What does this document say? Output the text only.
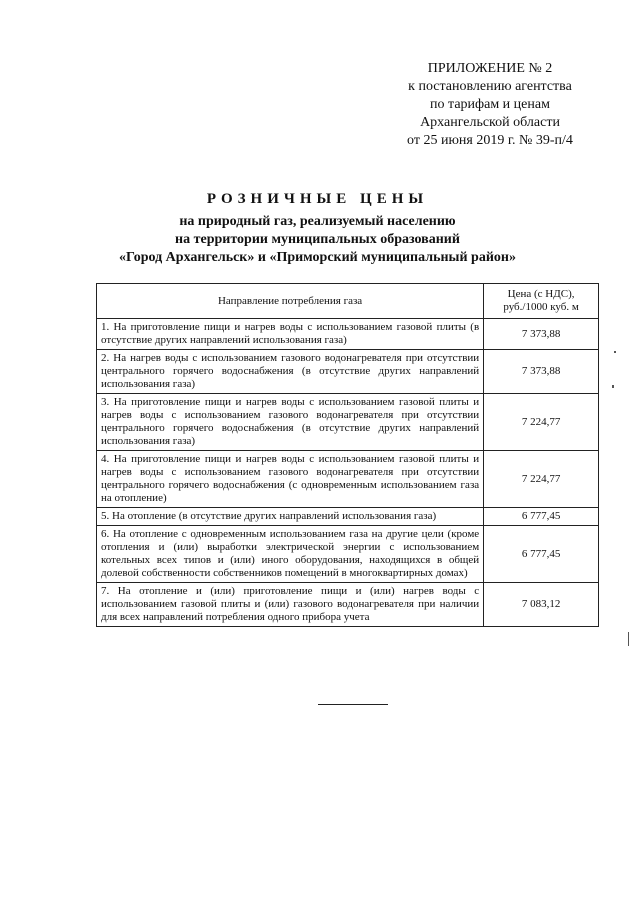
ПРИЛОЖЕНИЕ № 2
к постановлению агентства
по тарифам и ценам
Архангельской области
от 25 июня 2019 г. № 39-п/4
РОЗНИЧНЫЕ ЦЕНЫ
на природный газ, реализуемый населению
на территории муниципальных образований
«Город Архангельск» и «Приморский муниципальный район»
Направление потребления газа	Цена (с НДС), руб./1000 куб. м
1. На приготовление пищи и нагрев воды с использованием газовой плиты (в отсутствие других направлений использования газа)	7 373,88
2. На нагрев воды с использованием газового водонагревателя при отсутствии центрального горячего водоснабжения (в отсутствие других направлений использования газа)	7 373,88
3. На приготовление пищи и нагрев воды с использованием газовой плиты и нагрев воды с использованием газового водонагревателя при отсутствии центрального горячего водоснабжения (в отсутствие других направлений использования газа)	7 224,77
4. На приготовление пищи и нагрев воды с использованием газовой плиты и нагрев воды с использованием газового водонагревателя при отсутствии центрального горячего водоснабжения (с одновременным использованием газа на отопление)	7 224,77
5. На отопление (в отсутствие других направлений использования газа)	6 777,45
6. На отопление с одновременным использованием газа на другие цели (кроме отопления и (или) выработки электрической энергии с использованием котельных всех типов и (или) иного оборудования, находящихся в общей долевой собственности собственников помещений в многоквартирных домах)	6 777,45
7. На отопление и (или) приготовление пищи и (или) нагрев воды с использованием газовой плиты и (или) газового водонагревателя при наличии для всех направлений потребления одного прибора учета	7 083,12
